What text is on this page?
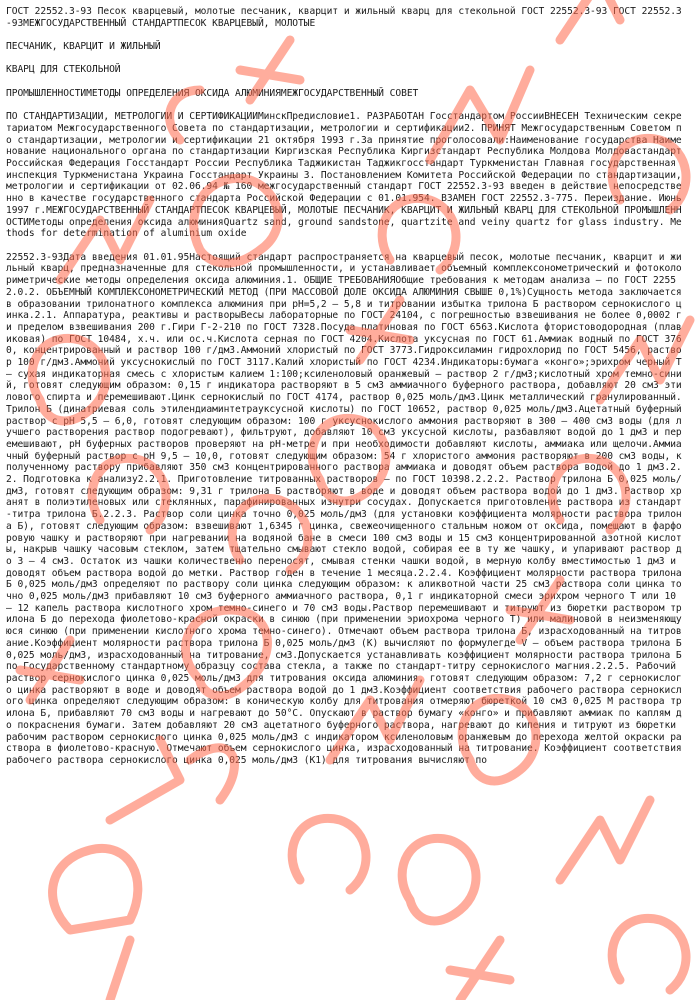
ГОСТ 22552.3-93 Песок кварцевый, молотые песчаник, кварцит и жильный кварц для стекольной ГОСТ 22552.3-93 ГОСТ 22552.3-93МЕЖГОСУДАРСТВЕННЫЙ СТАНДАРТПЕСОК КВАРЦЕВЫЙ, МОЛОТЫЕ

ПЕСЧАНИК, КВАРЦИТ И ЖИЛЬНЫЙ

КВАРЦ ДЛЯ СТЕКОЛЬНОЙ

ПРОМЫШЛЕННОСТИМЕТОДЫ ОПРЕДЕЛЕНИЯ ОКСИДА АЛЮМИНИЯМЕЖГОСУДАРСТВЕННЫЙ СОВЕТ

ПО СТАНДАРТИЗАЦИИ, МЕТРОЛОГИИ И СЕРТИФИКАЦИИМинскПредисловие1. РАЗРАБОТАН Госстандартом РоссииВНЕСЕН Техническим секретариатом Межгосударственного Совета по стандартизации, метрологии и сертификации2. ПРИНЯТ Межгосударственным Советом по стандартизации, метрологии и сертификации 21 октября 1993 г.За принятие проголосовали:Наименование государства Наименование национального органа по стандартизации Киргизская Республика Киргизстандарт Республика Молдова Молдовастандарт Российская Федерация Госстандарт России Республика Таджикистан Таджикгосстандарт Туркменистан Главная государственная инспекция Туркменистана Украина Госстандарт Украины 3. Постановлением Комитета Российской Федерации по стандартизации, метрологии и сертификации от 02.06.94 № 160 межгосударственный стандарт ГОСТ 22552.3-93 введен в действие непосредственно в качестве государственного стандарта Российской Федерации с 01.01.954. ВЗАМЕН ГОСТ 22552.3-775. Переиздание. Июнь 1997 г.МЕЖГОСУДАРСТВЕННЫЙ СТАНДАРТПЕСОК КВАРЦЕВЫЙ, МОЛОТЫЕ ПЕСЧАНИК, КВАРЦИТ И ЖИЛЬНЫЙ КВАРЦ ДЛЯ СТЕКОЛЬНОЙ ПРОМЫШЛЕННОСТИМетоды определения оксида алюминияQuartz sand, ground sandstone, quartzite and veiny quartz for glass industry. Methods for determination of aluminium oxide

22552.3-93Дата введения 01.01.95Настоящий стандарт распространяется на кварцевый песок, молотые песчаник, кварцит и жильный кварц, предназначенные для стекольной промышленности, и устанавливает объемный комплексонометрический и фотоколориметрические методы определения оксида алюминия.1. ОБЩИЕ ТРЕБОВАНИЯОбщие требования к методам анализа — по ГОСТ 22552.0.2. ОБЪЕМНЫЙ КОМПЛЕКСОНОМЕТРИЧЕСКИЙ МЕТОД (ПРИ МАССОВОЙ ДОЛЕ ОКСИДА АЛЮМИНИЯ СВЫШЕ 0,1%)Сущность метода заключается в образовании трилонатного комплекса алюминия при рН=5,2 — 5,8 и титровании избытка трилона Б раствором сернокислого цинка.2.1. Аппаратура, реактивы и растворыВесы лабораторные по ГОСТ 24104, с погрешностью взвешивания не более 0,0002 г и пределом взвешивания 200 г.Гири Г-2-210 по ГОСТ 7328.Посуда платиновая по ГОСТ 6563.Кислота фтористоводородная (плавиковая) по ГОСТ 10484, х.ч. или ос.ч.Кислота серная по ГОСТ 4204.Кислота уксусная по ГОСТ 61.Аммиак водный по ГОСТ 3760, концентрированный и раствор 100 г/дм3.Аммоний хлористый по ГОСТ 3773.Гидроксиламин гидрохлорид по ГОСТ 5456, раствор 100 г/дм3.Аммоний уксуснокислый по ГОСТ 3117.Калий хлористый по ГОСТ 4234.Индикаторы:бумага «конго»;эрихром черный Т — сухая индикаторная смесь с хлористым калием 1:100;ксиленоловый оранжевый — раствор 2 г/дм3;кислотный хром темно-синий, готовят следующим образом: 0,15 г индикатора растворяют в 5 см3 аммиачного буферного раствора, добавляют 20 см3 этилового спирта и перемешивают.Цинк сернокислый по ГОСТ 4174, раствор 0,025 моль/дм3.Цинк металлический гранулированный.Трилон Б (динатриевая соль этилендиаминтетрауксусной кислоты) по ГОСТ 10652, раствор 0,025 моль/дм3.Ацетатный буферный раствор с рН 5,5 — 6,0, готовят следующим образом: 100 г уксуснокислого аммония растворяют в 300 — 400 см3 воды (для лучшего растворения раствор подогревают), фильтруют, добавляют 10 см3 уксусной кислоты, разбавляют водой до 1 дм3 и перемешивают, рН буферных растворов проверяют на рН-метре и при необходимости добавляют кислоты, аммиака или щелочи.Аммиачный буферный раствор с рН 9,5 — 10,0, готовят следующим образом: 54 г хлористого аммония растворяют в 200 см3 воды, к полученному раствору прибавляют 350 см3 концентрированного раствора аммиака и доводят объем раствора водой до 1 дм3.2.2. Подготовка к анализу2.2.1. Приготовление титрованных растворов — по ГОСТ 10398.2.2.2. Раствор трилона Б 0,025 моль/дм3, готовят следующим образом: 9,31 г трилона Б растворяют в воде и доводят объем раствора водой до 1 дм3. Раствор хранят в полиэтиленовых или стеклянных, парафинированных изнутри сосудах. Допускается приготовление раствора из стандарт-титра трилона Б.2.2.3. Раствор соли цинка точно 0,025 моль/дм3 (для установки коэффициента молярности раствора трилона Б), готовят следующим образом: взвешивают 1,6345 г цинка, свежеочищенного стальным ножом от оксида, помещают в фарфоровую чашку и растворяют при нагревании на водяной бане в смеси 100 см3 воды и 15 см3 концентрированной азотной кислоты, накрыв чашку часовым стеклом, затем тщательно смывают стекло водой, собирая ее в ту же чашку, и упаривают раствор до 3 — 4 см3. Остаток из чашки количественно переносят, смывая стенки чашки водой, в мерную колбу вместимостью 1 дм3 и доводят объем раствора водой до метки. Раствор годен в течение 1 месяца.2.2.4. Коэффициент молярности раствора трилона Б 0,025 моль/дм3 определяют по раствору соли цинка следующим образом: к аликвотной части 25 см3 раствора соли цинка точно 0,025 моль/дм3 прибавляют 10 см3 буферного аммиачного раствора, 0,1 г индикаторной смеси эрихром черного Т или 10 — 12 капель раствора кислотного хром темно-синего и 70 см3 воды.Раствор перемешивают и титруют из бюретки раствором трилона Б до перехода фиолетово-красной окраски в синюю (при применении эриохрома черного Т) или малиновой в неизменяющуюся синюю (при применении кислотного хрома темно-синего). Отмечают объем раствора трилона Б, израсходованный на титрование.Коэффициент молярности раствора трилона Б 0,025 моль/дм3 (K) вычисляют по формулегде V — объем раствора трилона Б 0,025 моль/дм3, израсходованный на титрование, см3.Допускается устанавливать коэффициент молярности раствора трилона Б по Государственному стандартному образцу состава стекла, а также по стандарт-титру сернокислого магния.2.2.5. Рабочий раствор сернокислого цинка 0,025 моль/дм3 для титрования оксида алюминия, готовят следующим образом: 7,2 г сернокислого цинка растворяют в воде и доводят объем раствора водой до 1 дм3.Коэффициент соответствия рабочего раствора сернокислого цинка определяют следующим образом: в коническую колбу для титрования отмеряют бюреткой 10 см3 0,025 М раствора трилона Б, прибавляют 70 см3 воды и нагревают до 50°C. Опускают в раствор бумагу «конго» и прибавляют аммиак по каплям до покраснения бумаги. Затем добавляют 20 см3 ацетатного буферного раствора, нагревают до кипения и титруют из бюретки рабочим раствором сернокислого цинка 0,025 моль/дм3 с индикатором ксиленоловым оранжевым до перехода желтой окраски раствора в фиолетово-красную. Отмечают объем сернокислого цинка, израсходованный на титрование. Коэффициент соответствия рабочего раствора сернокислого цинка 0,025 моль/дм3 (K1) для титрования вычисляют по
